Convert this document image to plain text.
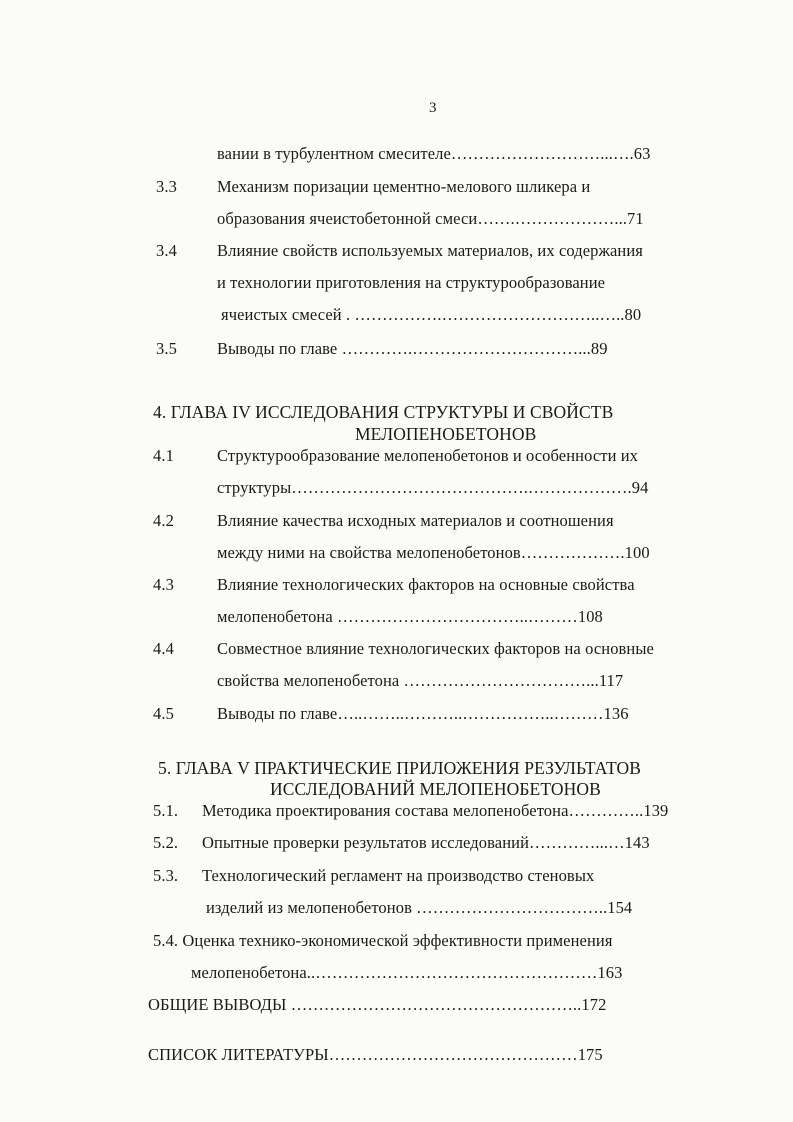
3
вании в турбулентном смесителе………………………...….63
3.3 Механизм поризации цементно-мелового шликера и
образования ячеистобетонной смеси…….………………...71
3.4 Влияние свойств используемых материалов, их содержания
и технологии приготовления на структурообразование
ячеистых смесей . …………….………………………..…..80
3.5 Выводы по главе ………….…………………………...89
4. ГЛАВА IV ИССЛЕДОВАНИЯ СТРУКТУРЫ И СВОЙСТВ
МЕЛОПЕНОБЕТОНОВ
4.1	Структурообразование мелопенобетонов и особенности их
структуры…………………………………….……………….94
4.2	Влияние качества исходных материалов и соотношения
между ними на свойства мелопенобетонов……………….100
4.3	Влияние технологических факторов на основные свойства
мелопенобетона ……………………………..………108
4.4	Совместное влияние технологических факторов на основные
свойства мелопенобетона ……………………………...117
4.5	Выводы по главе…..……..………..……………..………136
5. ГЛАВА V ПРАКТИЧЕСКИЕ ПРИЛОЖЕНИЯ РЕЗУЛЬТАТОВ
ИССЛЕДОВАНИЙ МЕЛОПЕНОБЕТОНОВ
5.1. Методика проектирования состава мелопенобетона…………..139
5.2. Опытные проверки результатов исследований…………...…143
5.3. Технологический регламент на производство стеновых
изделий из мелопенобетонов ……………………………..154
5.4. Оценка технико-экономической эффективности применения
мелопенобетона..……………………………………………163
ОБЩИЕ ВЫВОДЫ ……………………………………………..172
СПИСОК ЛИТЕРАТУРЫ………………………………………175
